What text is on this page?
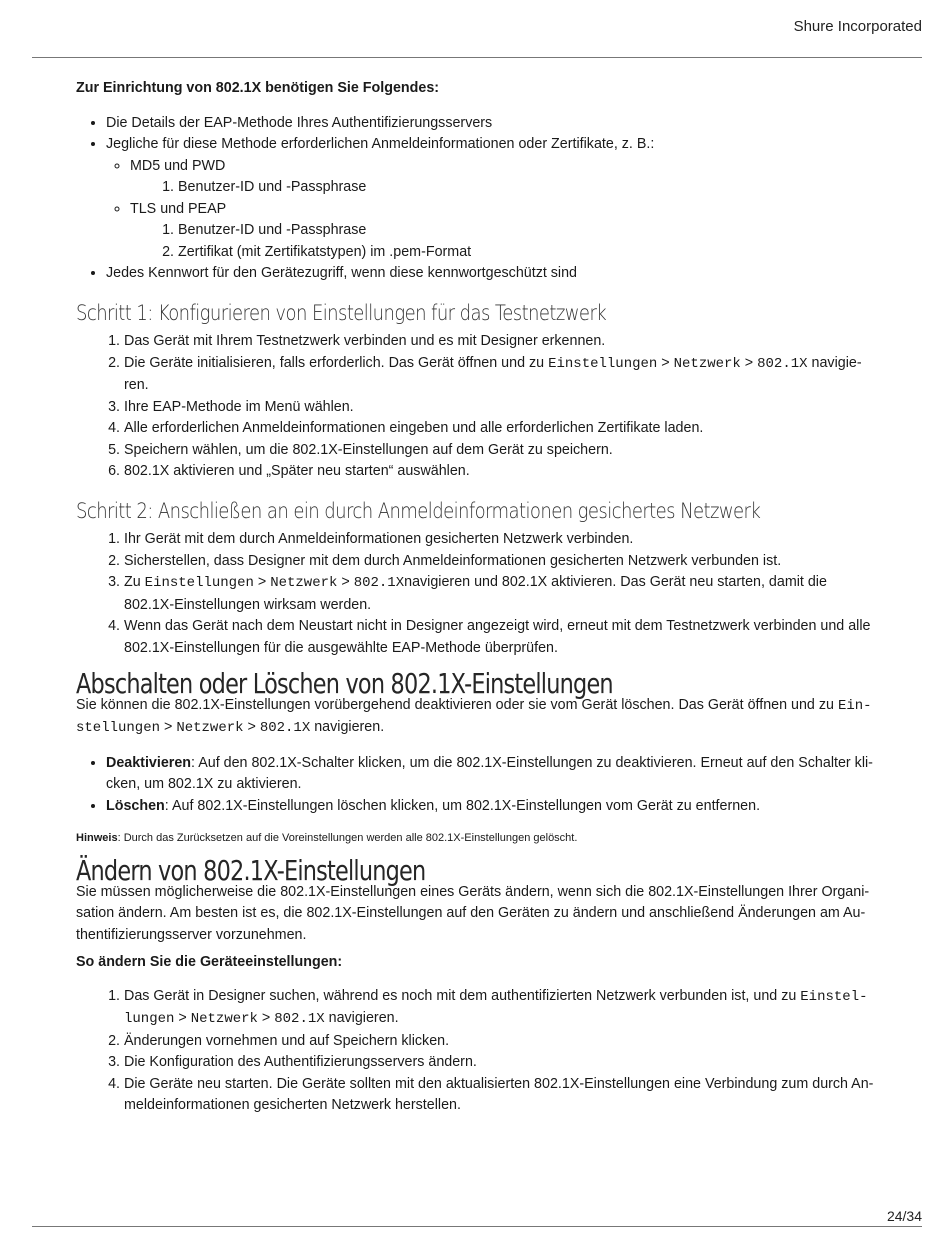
Shure Incorporated

Zur Einrichtung von 802.1X benötigen Sie Folgendes:

• Die Details der EAP-Methode Ihres Authentifizierungsservers
• Jegliche für diese Methode erforderlichen Anmeldeinformationen oder Zertifikate, z. B.:
◦ MD5 und PWD
1. Benutzer-ID und -Passphrase
◦ TLS und PEAP
1. Benutzer-ID und -Passphrase
2. Zertifikat (mit Zertifikatstypen) im .pem-Format
• Jedes Kennwort für den Gerätezugriff, wenn diese kennwortgeschützt sind
Schritt 1: Konfigurieren von Einstellungen für das Testnetzwerk
1. Das Gerät mit Ihrem Testnetzwerk verbinden und es mit Designer erkennen.
2. Die Geräte initialisieren, falls erforderlich. Das Gerät öffnen und zu Einstellungen > Netzwerk > 802.1X navigie-
ren.
3. Ihre EAP-Methode im Menü wählen.
4. Alle erforderlichen Anmeldeinformationen eingeben und alle erforderlichen Zertifikate laden.
5. Speichern wählen, um die 802.1X-Einstellungen auf dem Gerät zu speichern.
6. 802.1X aktivieren und „Später neu starten“ auswählen.
Schritt 2: Anschließen an ein durch Anmeldeinformationen gesichertes Netzwerk
1. Ihr Gerät mit dem durch Anmeldeinformationen gesicherten Netzwerk verbinden.
2. Sicherstellen, dass Designer mit dem durch Anmeldeinformationen gesicherten Netzwerk verbunden ist.
3. Zu Einstellungen > Netzwerk > 802.1Xnavigieren und 802.1X aktivieren. Das Gerät neu starten, damit die
802.1X-Einstellungen wirksam werden.
4. Wenn das Gerät nach dem Neustart nicht in Designer angezeigt wird, erneut mit dem Testnetzwerk verbinden und alle
802.1X-Einstellungen für die ausgewählte EAP-Methode überprüfen.
Abschalten oder Löschen von 802.1X-Einstellungen

Sie können die 802.1X-Einstellungen vorübergehend deaktivieren oder sie vom Gerät löschen. Das Gerät öffnen und zu Ein-
stellungen > Netzwerk > 802.1X navigieren.

• Deaktivieren: Auf den 802.1X-Schalter klicken, um die 802.1X-Einstellungen zu deaktivieren. Erneut auf den Schalter kli-
cken, um 802.1X zu aktivieren.
• Löschen: Auf 802.1X-Einstellungen löschen klicken, um 802.1X-Einstellungen vom Gerät zu entfernen.

Hinweis: Durch das Zurücksetzen auf die Voreinstellungen werden alle 802.1X-Einstellungen gelöscht.

Ändern von 802.1X-Einstellungen

Sie müssen möglicherweise die 802.1X-Einstellungen eines Geräts ändern, wenn sich die 802.1X-Einstellungen Ihrer Organi-
sation ändern. Am besten ist es, die 802.1X-Einstellungen auf den Geräten zu ändern und anschließend Änderungen am Au-
thentifizierungsserver vorzunehmen.

So ändern Sie die Geräteeinstellungen:

1. Das Gerät in Designer suchen, während es noch mit dem authentifizierten Netzwerk verbunden ist, und zu Einstel-
lungen > Netzwerk > 802.1X navigieren.
2. Änderungen vornehmen und auf Speichern klicken.
3. Die Konfiguration des Authentifizierungsservers ändern.
4. Die Geräte neu starten. Die Geräte sollten mit den aktualisierten 802.1X-Einstellungen eine Verbindung zum durch An-
meldeinformationen gesicherten Netzwerk herstellen.
24/34
